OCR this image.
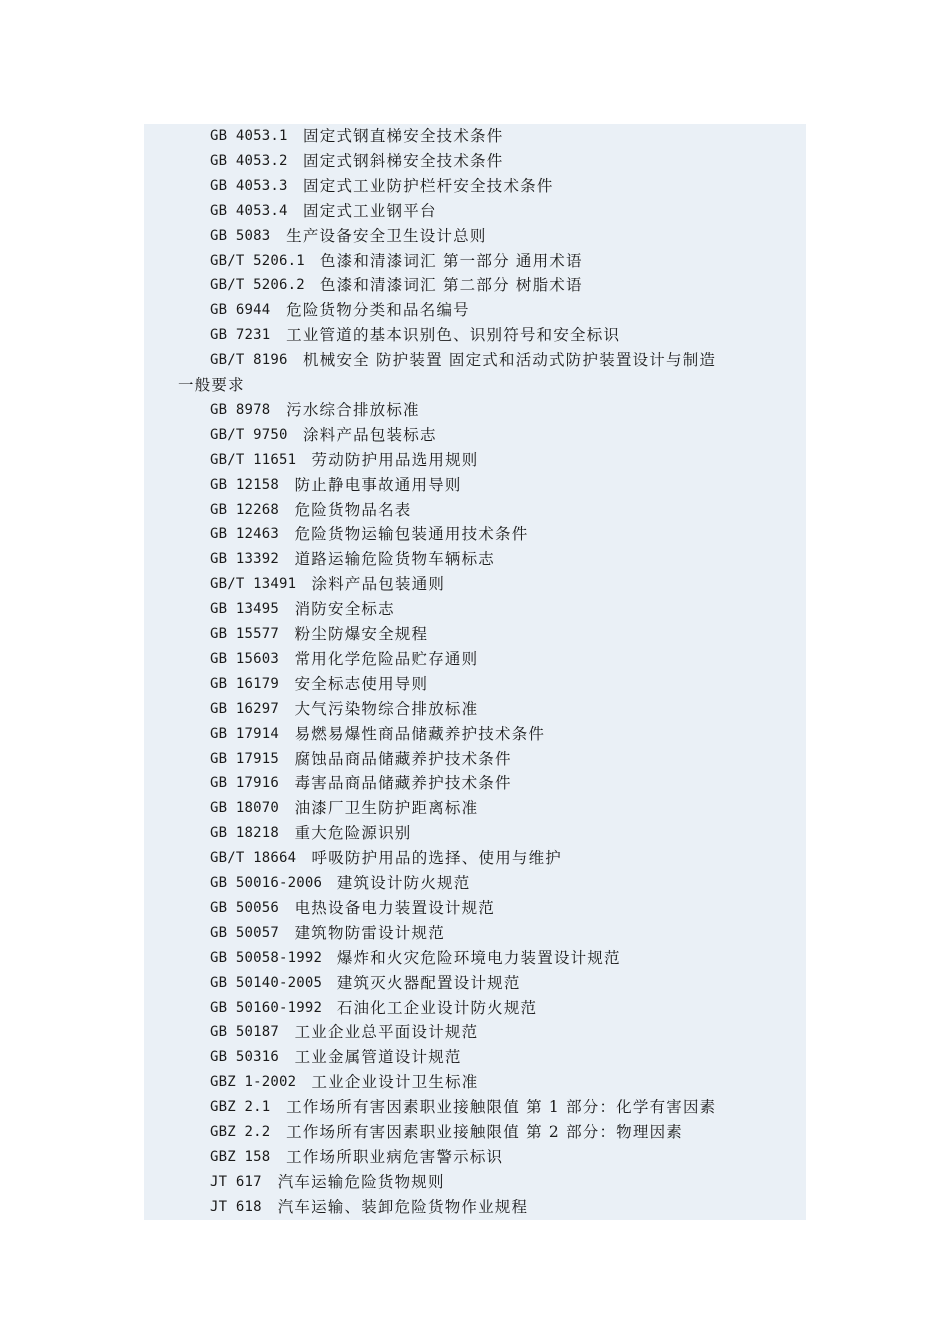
GB 4053.1 固定式钢直梯安全技术条件
GB 4053.2 固定式钢斜梯安全技术条件
GB 4053.3 固定式工业防护栏杆安全技术条件
GB 4053.4 固定式工业钢平台
GB 5083 生产设备安全卫生设计总则
GB/T 5206.1 色漆和清漆词汇 第一部分 通用术语
GB/T 5206.2 色漆和清漆词汇 第二部分 树脂术语
GB 6944 危险货物分类和品名编号
GB 7231 工业管道的基本识别色、识别符号和安全标识
GB/T 8196 机械安全 防护装置 固定式和活动式防护装置设计与制造
一般要求
GB 8978 污水综合排放标准
GB/T 9750 涂料产品包装标志
GB/T 11651 劳动防护用品选用规则
GB 12158 防止静电事故通用导则
GB 12268 危险货物品名表
GB 12463 危险货物运输包装通用技术条件
GB 13392 道路运输危险货物车辆标志
GB/T 13491 涂料产品包装通则
GB 13495 消防安全标志
GB 15577 粉尘防爆安全规程
GB 15603 常用化学危险品贮存通则
GB 16179 安全标志使用导则
GB 16297 大气污染物综合排放标准
GB 17914 易燃易爆性商品储藏养护技术条件
GB 17915 腐蚀品商品储藏养护技术条件
GB 17916 毒害品商品储藏养护技术条件
GB 18070 油漆厂卫生防护距离标准
GB 18218 重大危险源识别
GB/T 18664 呼吸防护用品的选择、使用与维护
GB 50016-2006 建筑设计防火规范
GB 50056 电热设备电力装置设计规范
GB 50057 建筑物防雷设计规范
GB 50058-1992 爆炸和火灾危险环境电力装置设计规范
GB 50140-2005 建筑灭火器配置设计规范
GB 50160-1992 石油化工企业设计防火规范
GB 50187 工业企业总平面设计规范
GB 50316 工业金属管道设计规范
GBZ 1-2002 工业企业设计卫生标准
GBZ 2.1 工作场所有害因素职业接触限值 第 1 部分：化学有害因素
GBZ 2.2 工作场所有害因素职业接触限值 第 2 部分：物理因素
GBZ 158 工作场所职业病危害警示标识
JT 617 汽车运输危险货物规则
JT 618 汽车运输、装卸危险货物作业规程
